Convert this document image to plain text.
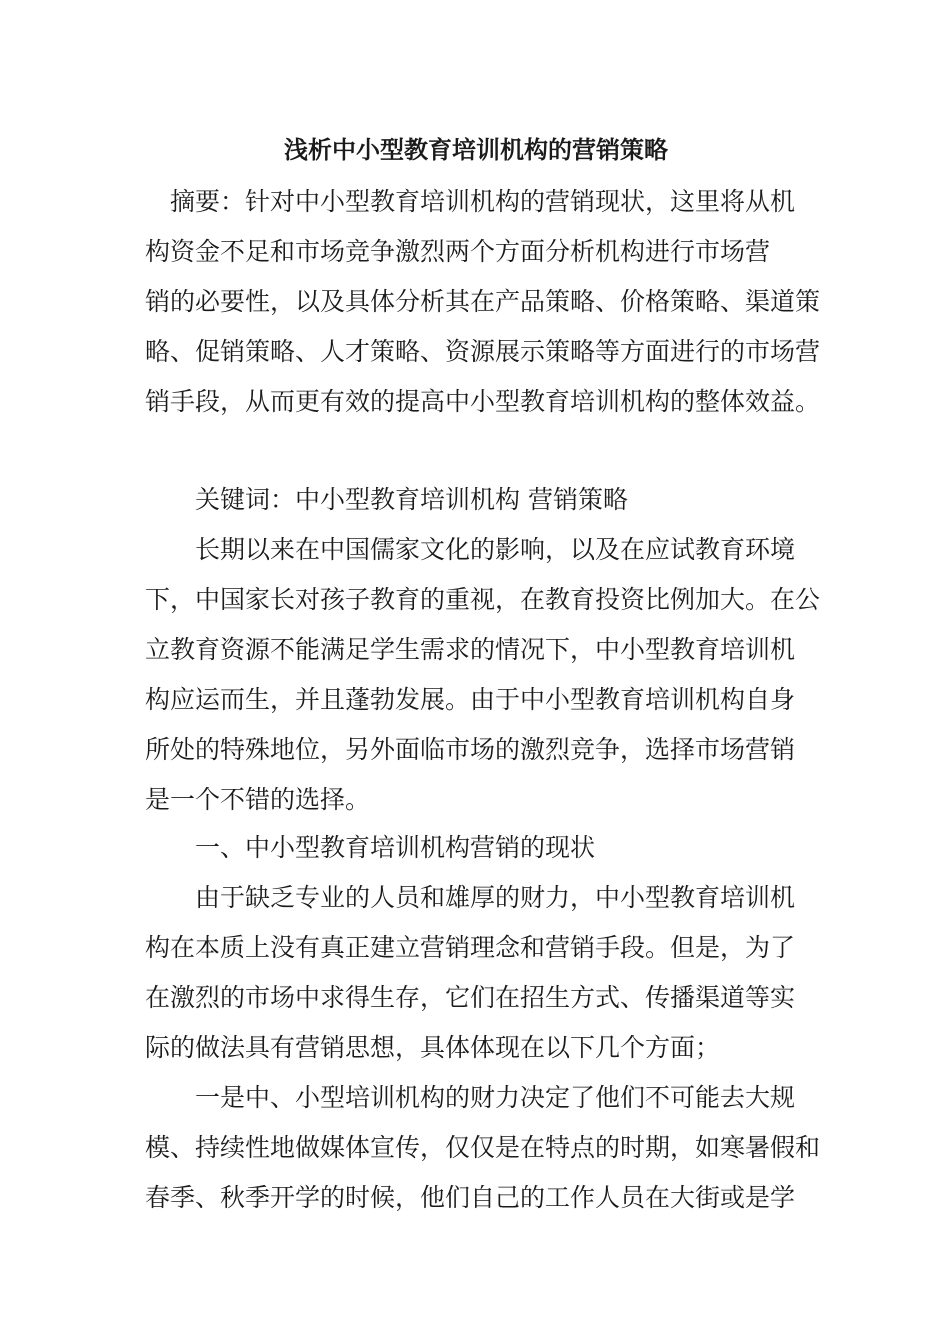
浅析中小型教育培训机构的营销策略

　摘要：针对中小型教育培训机构的营销现状，这里将从机

构资金不足和市场竞争激烈两个方面分析机构进行市场营

销的必要性，以及具体分析其在产品策略、价格策略、渠道策

略、促销策略、人才策略、资源展示策略等方面进行的市场营

销手段，从而更有效的提高中小型教育培训机构的整体效益。

　　关键词：中小型教育培训机构 营销策略

　　长期以来在中国儒家文化的影响，以及在应试教育环境

下，中国家长对孩子教育的重视，在教育投资比例加大。在公

立教育资源不能满足学生需求的情况下，中小型教育培训机

构应运而生，并且蓬勃发展。由于中小型教育培训机构自身

所处的特殊地位，另外面临市场的激烈竞争，选择市场营销

是一个不错的选择。

　　一、中小型教育培训机构营销的现状

　　由于缺乏专业的人员和雄厚的财力，中小型教育培训机

构在本质上没有真正建立营销理念和营销手段。但是，为了

在激烈的市场中求得生存，它们在招生方式、传播渠道等实

际的做法具有营销思想，具体体现在以下几个方面；

　　一是中、小型培训机构的财力决定了他们不可能去大规

模、持续性地做媒体宣传，仅仅是在特点的时期，如寒暑假和

春季、秋季开学的时候，他们自己的工作人员在大街或是学
